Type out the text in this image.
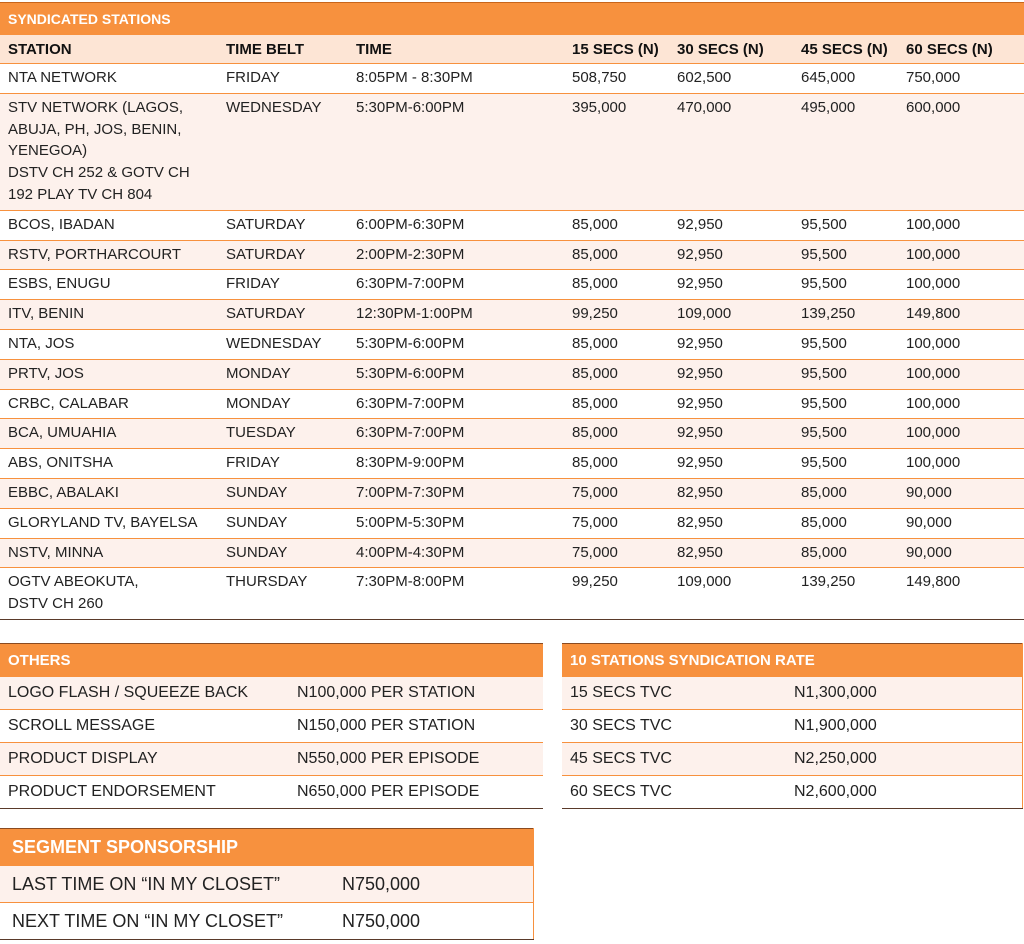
SYNDICATED STATIONS						
STATION	TIME BELT	TIME	15 SECS (N)	30 SECS (N)	45 SECS (N)	60 SECS (N)
NTA NETWORK	FRIDAY	8:05PM - 8:30PM	508,750	602,500	645,000	750,000
STV NETWORK (LAGOS,
ABUJA, PH, JOS, BENIN,
YENEGOA)
DSTV CH 252 & GOTV CH
192 PLAY TV CH 804	WEDNESDAY	5:30PM-6:00PM	395,000	470,000	495,000	600,000
BCOS, IBADAN	SATURDAY	6:00PM-6:30PM	85,000	92,950	95,500	100,000
RSTV, PORTHARCOURT	SATURDAY	2:00PM-2:30PM	85,000	92,950	95,500	100,000
ESBS, ENUGU	FRIDAY	6:30PM-7:00PM	85,000	92,950	95,500	100,000
ITV, BENIN	SATURDAY	12:30PM-1:00PM	99,250	109,000	139,250	149,800
NTA, JOS	WEDNESDAY	5:30PM-6:00PM	85,000	92,950	95,500	100,000
PRTV, JOS	MONDAY	5:30PM-6:00PM	85,000	92,950	95,500	100,000
CRBC, CALABAR	MONDAY	6:30PM-7:00PM	85,000	92,950	95,500	100,000
BCA, UMUAHIA	TUESDAY	6:30PM-7:00PM	85,000	92,950	95,500	100,000
ABS, ONITSHA	FRIDAY	8:30PM-9:00PM	85,000	92,950	95,500	100,000
EBBC, ABALAKI	SUNDAY	7:00PM-7:30PM	75,000	82,950	85,000	90,000
GLORYLAND TV, BAYELSA	SUNDAY	5:00PM-5:30PM	75,000	82,950	85,000	90,000
NSTV, MINNA	SUNDAY	4:00PM-4:30PM	75,000	82,950	85,000	90,000
OGTV ABEOKUTA,
DSTV CH 260	THURSDAY	7:30PM-8:00PM	99,250	109,000	139,250	149,800
OTHERS	
LOGO FLASH / SQUEEZE BACK	N100,000 PER STATION
SCROLL MESSAGE	N150,000 PER STATION
PRODUCT DISPLAY	N550,000 PER EPISODE
PRODUCT ENDORSEMENT	N650,000 PER EPISODE
10 STATIONS SYNDICATION RATE	
15 SECS TVC	N1,300,000
30 SECS TVC	N1,900,000
45 SECS TVC	N2,250,000
60 SECS TVC	N2,600,000
SEGMENT SPONSORSHIP	
LAST TIME ON “IN MY CLOSET”	N750,000
NEXT TIME ON “IN MY CLOSET”	N750,000
